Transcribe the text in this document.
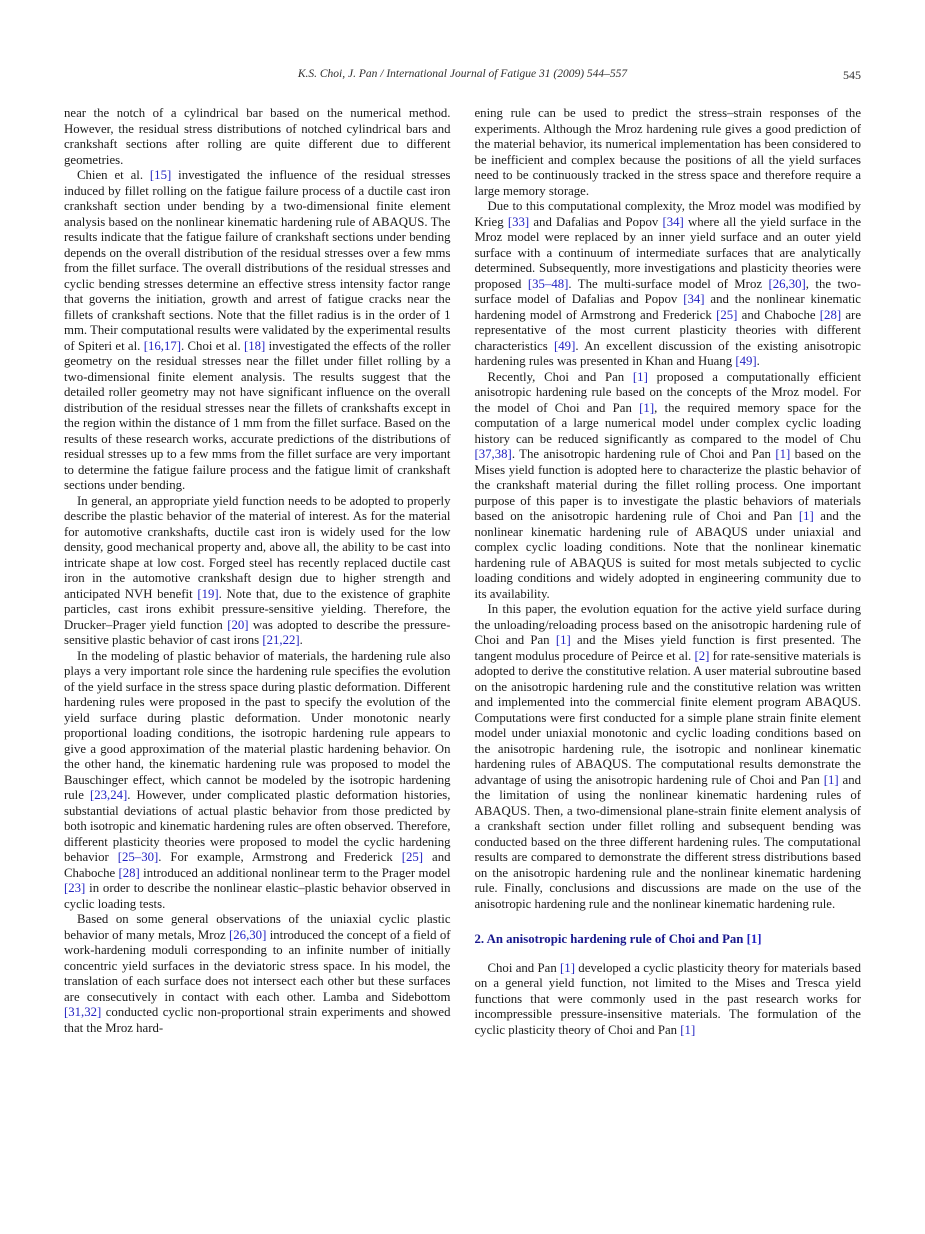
K.S. Choi, J. Pan / International Journal of Fatigue 31 (2009) 544–557	545

near the notch of a cylindrical bar based on the numerical method. However, the residual stress distributions of notched cylindrical bars and crankshaft sections after rolling are quite different due to different geometries.

Chien et al. [15] investigated the influence of the residual stresses induced by fillet rolling on the fatigue failure process of a ductile cast iron crankshaft section under bending by a two-dimensional finite element analysis based on the nonlinear kinematic hardening rule of ABAQUS. The results indicate that the fatigue failure of crankshaft sections under bending depends on the overall distribution of the residual stresses over a few mms from the fillet surface. The overall distributions of the residual stresses and cyclic bending stresses determine an effective stress intensity factor range that governs the initiation, growth and arrest of fatigue cracks near the fillets of crankshaft sections. Note that the fillet radius is in the order of 1 mm. Their computational results were validated by the experimental results of Spiteri et al. [16,17]. Choi et al. [18] investigated the effects of the roller geometry on the residual stresses near the fillet under fillet rolling by a two-dimensional finite element analysis. The results suggest that the detailed roller geometry may not have significant influence on the overall distribution of the residual stresses near the fillets of crankshafts except in the region within the distance of 1 mm from the fillet surface. Based on the results of these research works, accurate predictions of the distributions of residual stresses up to a few mms from the fillet surface are very important to determine the fatigue failure process and the fatigue limit of crankshaft sections under bending.

In general, an appropriate yield function needs to be adopted to properly describe the plastic behavior of the material of interest. As for the material for automotive crankshafts, ductile cast iron is widely used for the low density, good mechanical property and, above all, the ability to be cast into intricate shape at low cost. Forged steel has recently replaced ductile cast iron in the automotive crankshaft design due to higher strength and anticipated NVH benefit [19]. Note that, due to the existence of graphite particles, cast irons exhibit pressure-sensitive yielding. Therefore, the Drucker–Prager yield function [20] was adopted to describe the pressure-sensitive plastic behavior of cast irons [21,22].

In the modeling of plastic behavior of materials, the hardening rule also plays a very important role since the hardening rule specifies the evolution of the yield surface in the stress space during plastic deformation. Different hardening rules were proposed in the past to specify the evolution of the yield surface during plastic deformation. Under monotonic nearly proportional loading conditions, the isotropic hardening rule appears to give a good approximation of the material plastic hardening behavior. On the other hand, the kinematic hardening rule was proposed to model the Bauschinger effect, which cannot be modeled by the isotropic hardening rule [23,24]. However, under complicated plastic deformation histories, substantial deviations of actual plastic behavior from those predicted by both isotropic and kinematic hardening rules are often observed. Therefore, different plasticity theories were proposed to model the cyclic hardening behavior [25–30]. For example, Armstrong and Frederick [25] and Chaboche [28] introduced an additional nonlinear term to the Prager model [23] in order to describe the nonlinear elastic–plastic behavior observed in cyclic loading tests.

Based on some general observations of the uniaxial cyclic plastic behavior of many metals, Mroz [26,30] introduced the concept of a field of work-hardening moduli corresponding to an infinite number of initially concentric yield surfaces in the deviatoric stress space. In his model, the translation of each surface does not intersect each other but these surfaces are consecutively in contact with each other. Lamba and Sidebottom [31,32] conducted cyclic non-proportional strain experiments and showed that the Mroz hard-

ening rule can be used to predict the stress–strain responses of the experiments. Although the Mroz hardening rule gives a good prediction of the material behavior, its numerical implementation has been considered to be inefficient and complex because the positions of all the yield surfaces need to be continuously tracked in the stress space and therefore require a large memory storage.

Due to this computational complexity, the Mroz model was modified by Krieg [33] and Dafalias and Popov [34] where all the yield surface in the Mroz model were replaced by an inner yield surface and an outer yield surface with a continuum of intermediate surfaces that are analytically determined. Subsequently, more investigations and plasticity theories were proposed [35–48]. The multi-surface model of Mroz [26,30], the two-surface model of Dafalias and Popov [34] and the nonlinear kinematic hardening model of Armstrong and Frederick [25] and Chaboche [28] are representative of the most current plasticity theories with different characteristics [49]. An excellent discussion of the existing anisotropic hardening rules was presented in Khan and Huang [49].

Recently, Choi and Pan [1] proposed a computationally efficient anisotropic hardening rule based on the concepts of the Mroz model. For the model of Choi and Pan [1], the required memory space for the computation of a large numerical model under complex cyclic loading history can be reduced significantly as compared to the model of Chu [37,38]. The anisotropic hardening rule of Choi and Pan [1] based on the Mises yield function is adopted here to characterize the plastic behavior of the crankshaft material during the fillet rolling process. One important purpose of this paper is to investigate the plastic behaviors of materials based on the anisotropic hardening rule of Choi and Pan [1] and the nonlinear kinematic hardening rule of ABAQUS under uniaxial and complex cyclic loading conditions. Note that the nonlinear kinematic hardening rule of ABAQUS is suited for most metals subjected to cyclic loading conditions and widely adopted in engineering community due to its availability.

In this paper, the evolution equation for the active yield surface during the unloading/reloading process based on the anisotropic hardening rule of Choi and Pan [1] and the Mises yield function is first presented. The tangent modulus procedure of Peirce et al. [2] for rate-sensitive materials is adopted to derive the constitutive relation. A user material subroutine based on the anisotropic hardening rule and the constitutive relation was written and implemented into the commercial finite element program ABAQUS. Computations were first conducted for a simple plane strain finite element model under uniaxial monotonic and cyclic loading conditions based on the anisotropic hardening rule, the isotropic and nonlinear kinematic hardening rules of ABAQUS. The computational results demonstrate the advantage of using the anisotropic hardening rule of Choi and Pan [1] and the limitation of using the nonlinear kinematic hardening rules of ABAQUS. Then, a two-dimensional plane-strain finite element analysis of a crankshaft section under fillet rolling and subsequent bending was conducted based on the three different hardening rules. The computational results are compared to demonstrate the different stress distributions based on the anisotropic hardening rule and the nonlinear kinematic hardening rule. Finally, conclusions and discussions are made on the use of the anisotropic hardening rule and the nonlinear kinematic hardening rule.

2. An anisotropic hardening rule of Choi and Pan [1]

Choi and Pan [1] developed a cyclic plasticity theory for materials based on a general yield function, not limited to the Mises and Tresca yield functions that were commonly used in the past research works for incompressible pressure-insensitive materials. The formulation of the cyclic plasticity theory of Choi and Pan [1]
